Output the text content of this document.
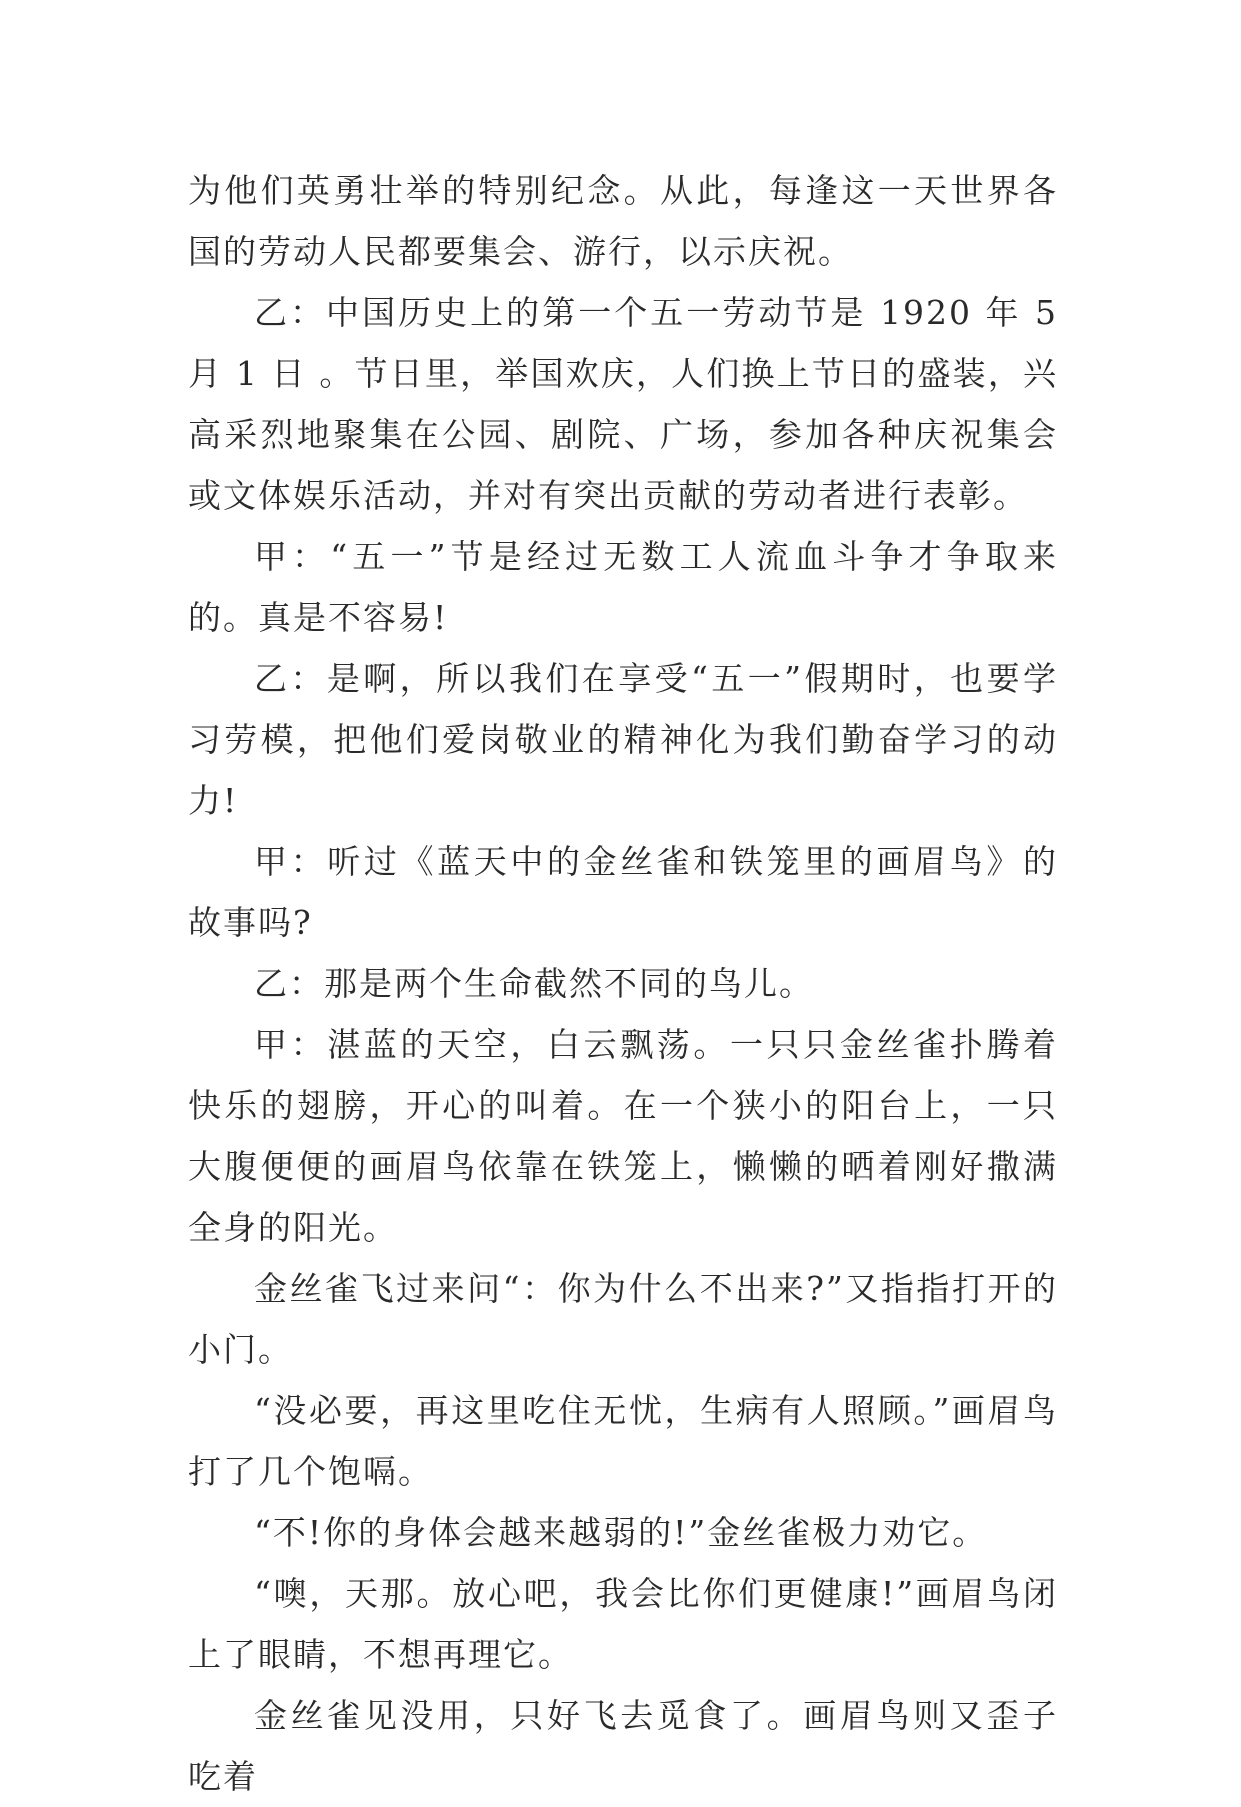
为他们英勇壮举的特别纪念。从此，每逢这一天世界各国的劳动人民都要集会、游行，以示庆祝。

乙：中国历史上的第一个五一劳动节是 1920 年 5 月 1 日 。节日里，举国欢庆，人们换上节日的盛装，兴高采烈地聚集在公园、剧院、广场，参加各种庆祝集会或文体娱乐活动，并对有突出贡献的劳动者进行表彰。

甲：“五一”节是经过无数工人流血斗争才争取来的。真是不容易!

乙：是啊，所以我们在享受“五一”假期时，也要学习劳模，把他们爱岗敬业的精神化为我们勤奋学习的动力!

甲：听过《蓝天中的金丝雀和铁笼里的画眉鸟》的故事吗?

乙：那是两个生命截然不同的鸟儿。

甲：湛蓝的天空，白云飘荡。一只只金丝雀扑腾着快乐的翅膀，开心的叫着。在一个狭小的阳台上，一只大腹便便的画眉鸟依靠在铁笼上，懒懒的晒着刚好撒满全身的阳光。

金丝雀飞过来问“：你为什么不出来?”又指指打开的小门。

“没必要，再这里吃住无忧，生病有人照顾。”画眉鸟打了几个饱嗝。

“不!你的身体会越来越弱的!”金丝雀极力劝它。

“噢，天那。放心吧，我会比你们更健康!”画眉鸟闭上了眼睛，不想再理它。

金丝雀见没用，只好飞去觅食了。画眉鸟则又歪子吃着
